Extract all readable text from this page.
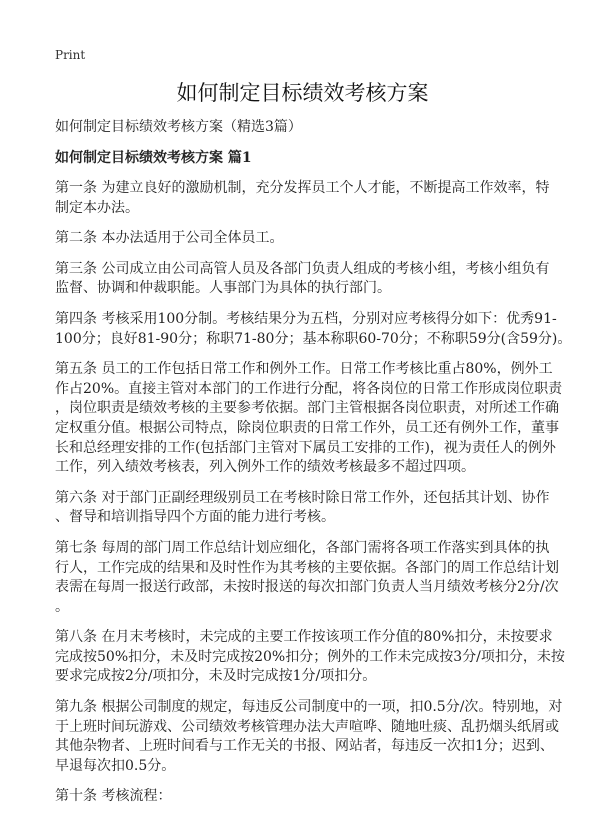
Print
如何制定目标绩效考核方案
如何制定目标绩效考核方案（精选3篇）
如何制定目标绩效考核方案 篇1
第一条 为建立良好的激励机制，充分发挥员工个人才能，不断提高工作效率，特
制定本办法。
第二条 本办法适用于公司全体员工。
第三条 公司成立由公司高管人员及各部门负责人组成的考核小组，考核小组负有
监督、协调和仲裁职能。人事部门为具体的执行部门。
第四条 考核采用100分制。考核结果分为五档，分别对应考核得分如下：优秀91-
100分；良好81-90分；称职71-80分；基本称职60-70分；不称职59分(含59分)。
第五条 员工的工作包括日常工作和例外工作。日常工作考核比重占80%，例外工
作占20%。直接主管对本部门的工作进行分配，将各岗位的日常工作形成岗位职责
，岗位职责是绩效考核的主要参考依据。部门主管根据各岗位职责，对所述工作确
定权重分值。根据公司特点，除岗位职责的日常工作外，员工还有例外工作，董事
长和总经理安排的工作(包括部门主管对下属员工安排的工作)，视为责任人的例外
工作，列入绩效考核表，列入例外工作的绩效考核最多不超过四项。
第六条 对于部门正副经理级别员工在考核时除日常工作外，还包括其计划、协作
、督导和培训指导四个方面的能力进行考核。
第七条 每周的部门周工作总结计划应细化，各部门需将各项工作落实到具体的执
行人，工作完成的结果和及时性作为其考核的主要依据。各部门的周工作总结计划
表需在每周一报送行政部，未按时报送的每次扣部门负责人当月绩效考核分2分/次
。
第八条 在月末考核时，未完成的主要工作按该项工作分值的80%扣分，未按要求
完成按50%扣分，未及时完成按20%扣分；例外的工作未完成按3分/项扣分，未按
要求完成按2分/项扣分，未及时完成按1分/项扣分。
第九条 根据公司制度的规定，每违反公司制度中的一项，扣0.5分/次。特别地，对
于上班时间玩游戏、公司绩效考核管理办法大声喧哗、随地吐痰、乱扔烟头纸屑或
其他杂物者、上班时间看与工作无关的书报、网站者，每违反一次扣1分；迟到、
早退每次扣0.5分。
第十条 考核流程：
